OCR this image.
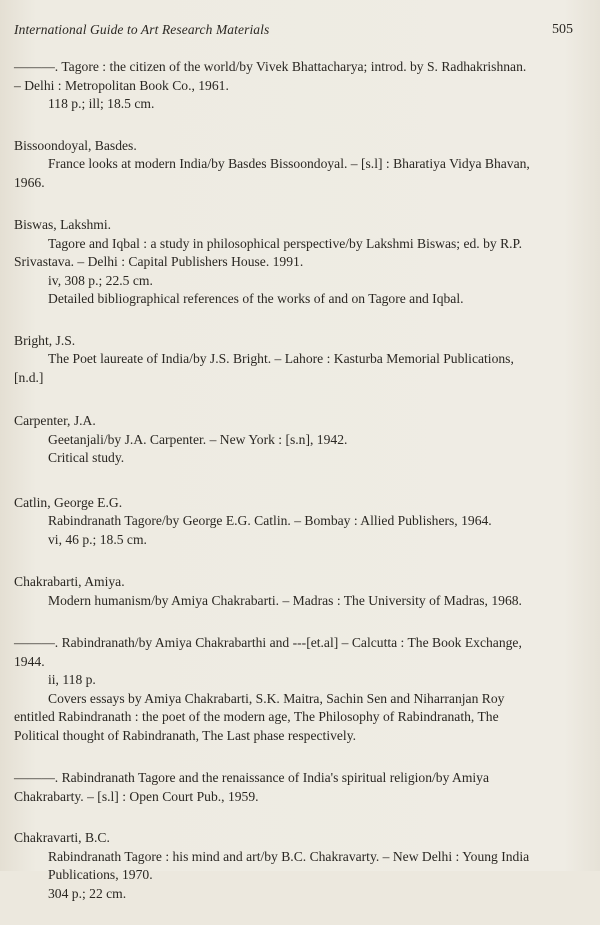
International Guide to Art Research Materials	505

———. Tagore : the citizen of the world/by Vivek Bhattacharya; introd. by S. Radhakrishnan.

– Delhi : Metropolitan Book Co., 1961.

118 p.; ill; 18.5 cm.

Bissoondoyal, Basdes.

France looks at modern India/by Basdes Bissoondoyal. – [s.l] : Bharatiya Vidya Bhavan,

1966.

Biswas, Lakshmi.

Tagore and Iqbal : a study in philosophical perspective/by Lakshmi Biswas; ed. by R.P.

Srivastava. – Delhi : Capital Publishers House. 1991.

iv, 308 p.; 22.5 cm.

Detailed bibliographical references of the works of and on Tagore and Iqbal.

Bright, J.S.

The Poet laureate of India/by J.S. Bright. – Lahore : Kasturba Memorial Publications,

[n.d.]

Carpenter, J.A.

Geetanjali/by J.A. Carpenter. – New York : [s.n], 1942.

Critical study.

Catlin, George E.G.

Rabindranath Tagore/by George E.G. Catlin. – Bombay : Allied Publishers, 1964.

vi, 46 p.; 18.5 cm.

Chakrabarti, Amiya.

Modern humanism/by Amiya Chakrabarti. – Madras : The University of Madras, 1968.

———. Rabindranath/by Amiya Chakrabarthi and ---[et.al] – Calcutta : The Book Exchange,

1944.

ii, 118 p.

Covers essays by Amiya Chakrabarti, S.K. Maitra, Sachin Sen and Niharranjan Roy

entitled Rabindranath : the poet of the modern age, The Philosophy of Rabindranath, The

Political thought of Rabindranath, The Last phase respectively.

———. Rabindranath Tagore and the renaissance of India's spiritual religion/by Amiya

Chakrabarty. – [s.l] : Open Court Pub., 1959.

Chakravarti, B.C.

Rabindranath Tagore : his mind and art/by B.C. Chakravarty. – New Delhi : Young India

Publications, 1970.

304 p.; 22 cm.
